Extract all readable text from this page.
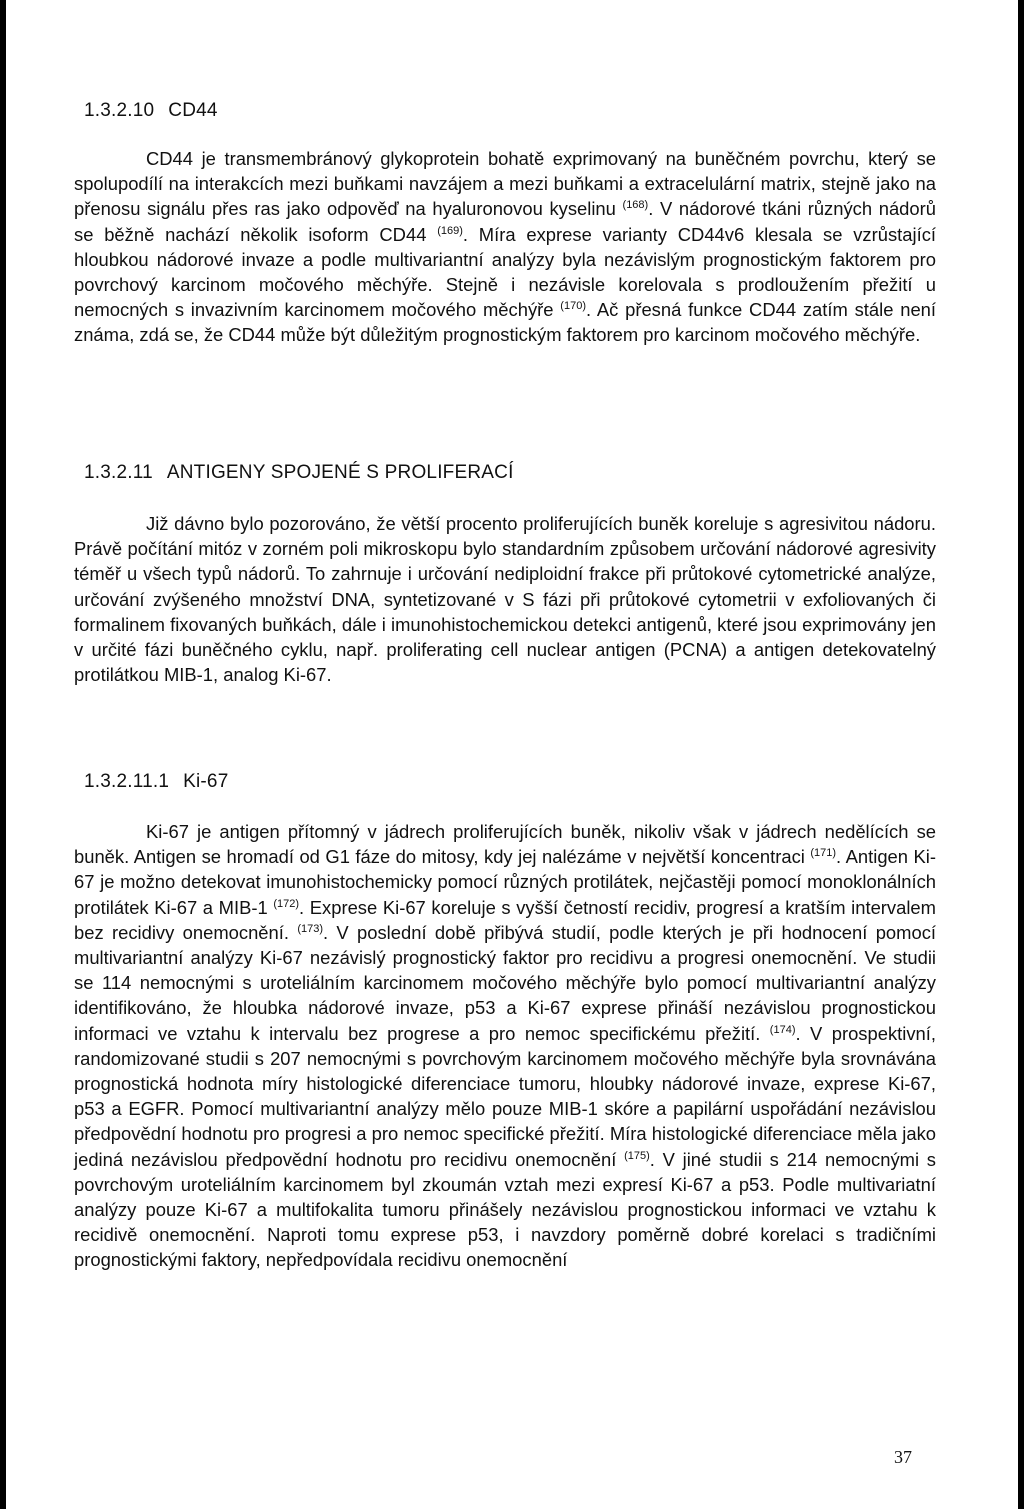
1.3.2.10 CD44

CD44 je transmembránový glykoprotein bohatě exprimovaný na buněčném povrchu, který se spolupodílí na interakcích mezi buňkami navzájem a mezi buňkami a extracelulární matrix, stejně jako na přenosu signálu přes ras jako odpověď na hyaluronovou kyselinu $^{(168)}$. V nádorové tkáni různých nádorů se běžně nachází několik isoform CD44 $^{(169)}$. Míra exprese varianty CD44v6 klesala se vzrůstající hloubkou nádorové invaze a podle multivariantní analýzy byla nezávislým prognostickým faktorem pro povrchový karcinom močového měchýře. Stejně i nezávisle korelovala s prodloužením přežití u nemocných s invazivním karcinomem močového měchýře $^{(170)}$. Ač přesná funkce CD44 zatím stále není známa, zdá se, že CD44 může být důležitým prognostickým faktorem pro karcinom močového měchýře.

1.3.2.11 ANTIGENY SPOJENÉ S PROLIFERACÍ

Již dávno bylo pozorováno, že větší procento proliferujících buněk koreluje s agresivitou nádoru. Právě počítání mitóz v zorném poli mikroskopu bylo standardním způsobem určování nádorové agresivity téměř u všech typů nádorů. To zahrnuje i určování nediploidní frakce při průtokové cytometrické analýze, určování zvýšeného množství DNA, syntetizované v S fázi při průtokové cytometrii v exfoliovaných či formalinem fixovaných buňkách, dále i imunohistochemickou detekci antigenů, které jsou exprimovány jen v určité fázi buněčného cyklu, např. proliferating cell nuclear antigen (PCNA) a antigen detekovatelný protilátkou MIB-1, analog Ki-67.

1.3.2.11.1 Ki-67

Ki-67 je antigen přítomný v jádrech proliferujících buněk, nikoliv však v jádrech nedělících se buněk. Antigen se hromadí od G1 fáze do mitosy, kdy jej nalézáme v největší koncentraci $^{(171)}$. Antigen Ki-67 je možno detekovat imunohistochemicky pomocí různých protilátek, nejčastěji pomocí monoklonálních protilátek Ki-67 a MIB-1 $^{(172)}$. Exprese Ki-67 koreluje s vyšší četností recidiv, progresí a kratším intervalem bez recidivy onemocnění. $^{(173)}$. V poslední době přibývá studií, podle kterých je při hodnocení pomocí multivariantní analýzy Ki-67 nezávislý prognostický faktor pro recidivu a progresi onemocnění. Ve studii se 114 nemocnými s uroteliálním karcinomem močového měchýře bylo pomocí multivariantní analýzy identifikováno, že hloubka nádorové invaze, p53 a Ki-67 exprese přináší nezávislou prognostickou informaci ve vztahu k intervalu bez progrese a pro nemoc specifickému přežití. $^{(174)}$. V prospektivní, randomizované studii s 207 nemocnými s povrchovým karcinomem močového měchýře byla srovnávána prognostická hodnota míry histologické diferenciace tumoru, hloubky nádorové invaze, exprese Ki-67, p53 a EGFR. Pomocí multivariantní analýzy mělo pouze MIB-1 skóre a papilární uspořádání nezávislou předpovědní hodnotu pro progresi a pro nemoc specifické přežití. Míra histologické diferenciace měla jako jediná nezávislou předpovědní hodnotu pro recidivu onemocnění $^{(175)}$. V jiné studii s 214 nemocnými s povrchovým uroteliálním karcinomem byl zkoumán vztah mezi expresí Ki-67 a p53. Podle multivariatní analýzy pouze Ki-67 a multifokalita tumoru přinášely nezávislou prognostickou informaci ve vztahu k recidivě onemocnění. Naproti tomu exprese p53, i navzdory poměrně dobré korelaci s tradičními prognostickými faktory, nepředpovídala recidivu onemocnění

37
